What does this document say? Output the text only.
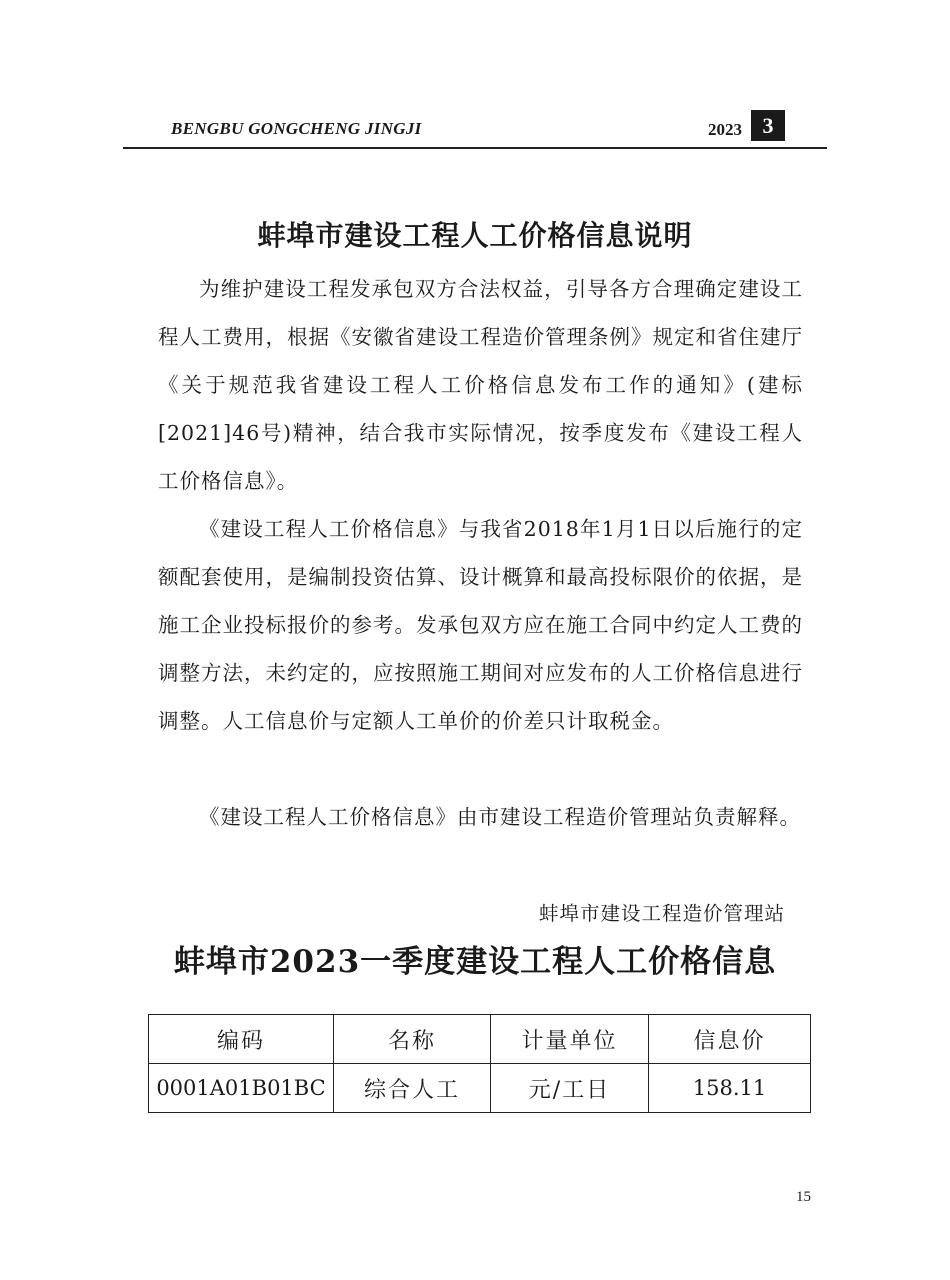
BENGBU GONGCHENG JINGJI	2023 3
蚌埠市建设工程人工价格信息说明

为维护建设工程发承包双方合法权益，引导各方合理确定建设工程人工费用，根据《安徽省建设工程造价管理条例》规定和省住建厅《关于规范我省建设工程人工价格信息发布工作的通知》(建标[2021]46号)精神，结合我市实际情况，按季度发布《建设工程人工价格信息》。

《建设工程人工价格信息》与我省2018年1月1日以后施行的定额配套使用，是编制投资估算、设计概算和最高投标限价的依据，是施工企业投标报价的参考。发承包双方应在施工合同中约定人工费的调整方法，未约定的，应按照施工期间对应发布的人工价格信息进行调整。人工信息价与定额人工单价的价差只计取税金。

《建设工程人工价格信息》由市建设工程造价管理站负责解释。

蚌埠市建设工程造价管理站
蚌埠市2023一季度建设工程人工价格信息
编码	名称	计量单位	信息价
0001A01B01BC	综合人工	元/工日	158.11
15
